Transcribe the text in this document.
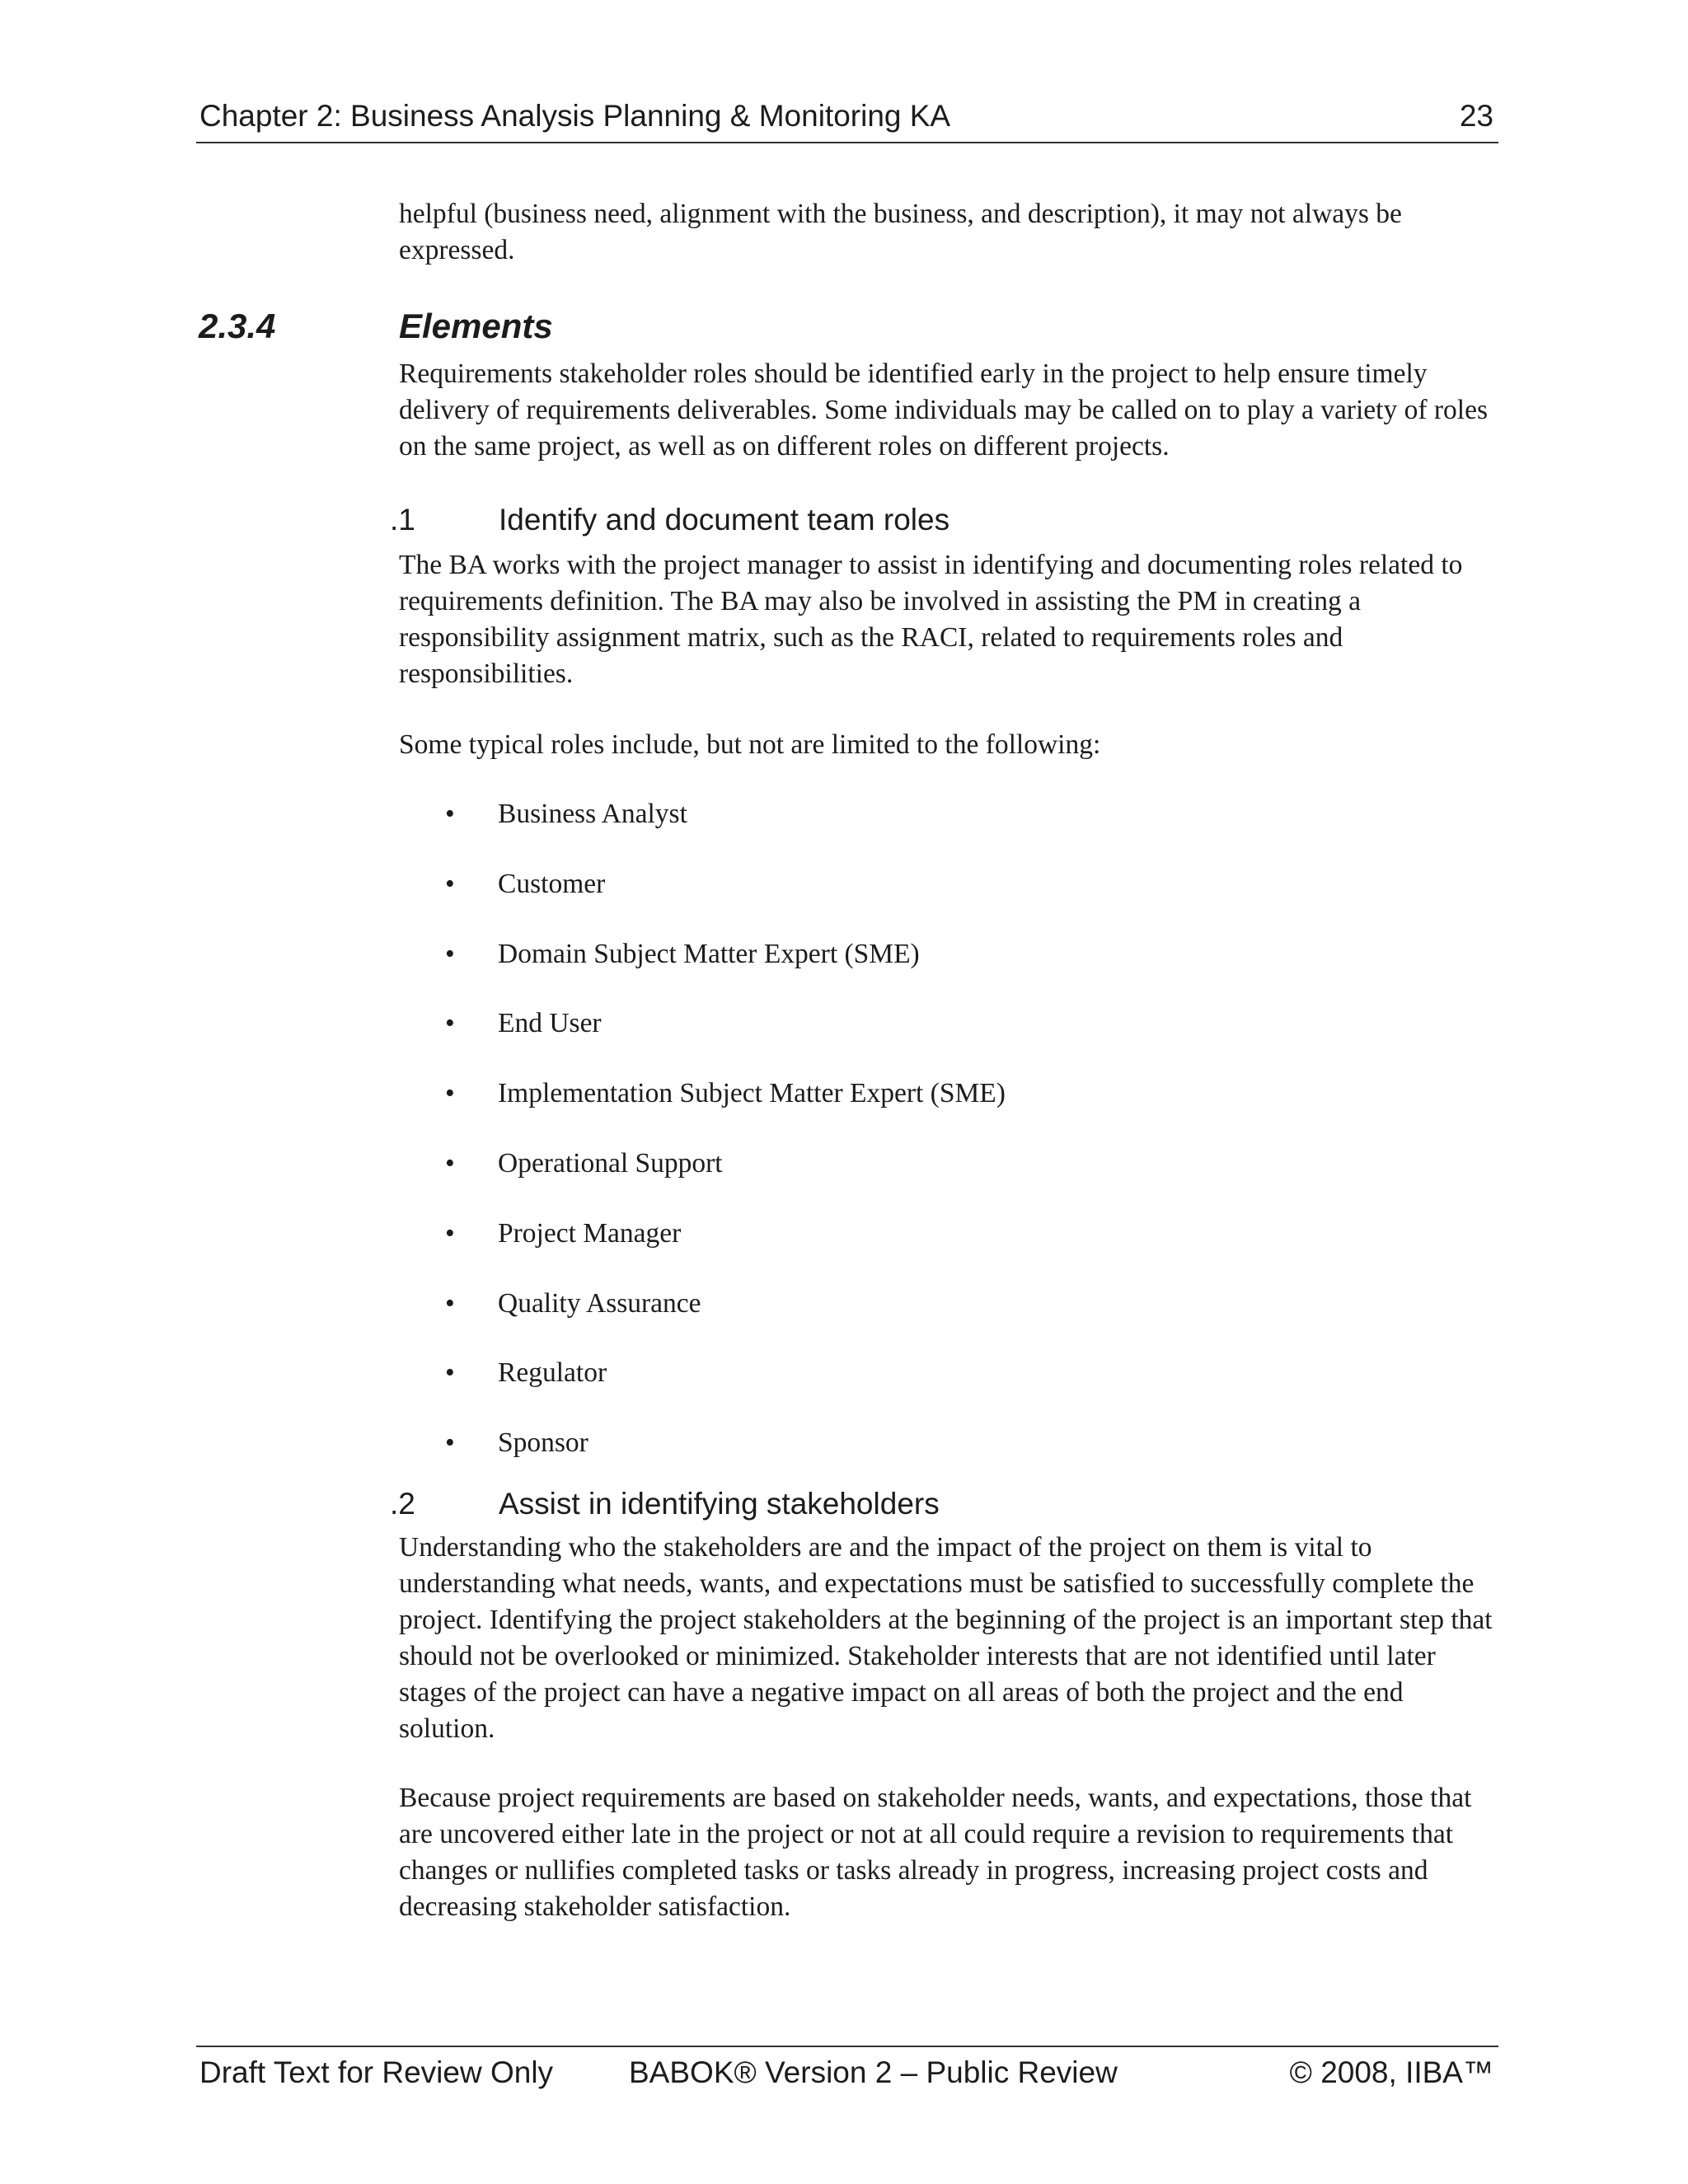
Chapter 2: Business Analysis Planning & Monitoring KA	23

helpful (business need, alignment with the business, and description), it may not always be expressed.

2.3.4	Elements

Requirements stakeholder roles should be identified early in the project to help ensure timely delivery of requirements deliverables. Some individuals may be called on to play a variety of roles on the same project, as well as on different roles on different projects.

.1	Identify and document team roles

The BA works with the project manager to assist in identifying and documenting roles related to requirements definition. The BA may also be involved in assisting the PM in creating a responsibility assignment matrix, such as the RACI, related to requirements roles and responsibilities.

Some typical roles include, but not are limited to the following:

• Business Analyst
• Customer
• Domain Subject Matter Expert (SME)
• End User
• Implementation Subject Matter Expert (SME)
• Operational Support
• Project Manager
• Quality Assurance
• Regulator
• Sponsor
.2	Assist in identifying stakeholders

Understanding who the stakeholders are and the impact of the project on them is vital to understanding what needs, wants, and expectations must be satisfied to successfully complete the project. Identifying the project stakeholders at the beginning of the project is an important step that should not be overlooked or minimized. Stakeholder interests that are not identified until later stages of the project can have a negative impact on all areas of both the project and the end solution.

Because project requirements are based on stakeholder needs, wants, and expectations, those that are uncovered either late in the project or not at all could require a revision to requirements that changes or nullifies completed tasks or tasks already in progress, increasing project costs and decreasing stakeholder satisfaction.

Draft Text for Review Only BABOK® Version 2 – Public Review	© 2008, IIBA™
